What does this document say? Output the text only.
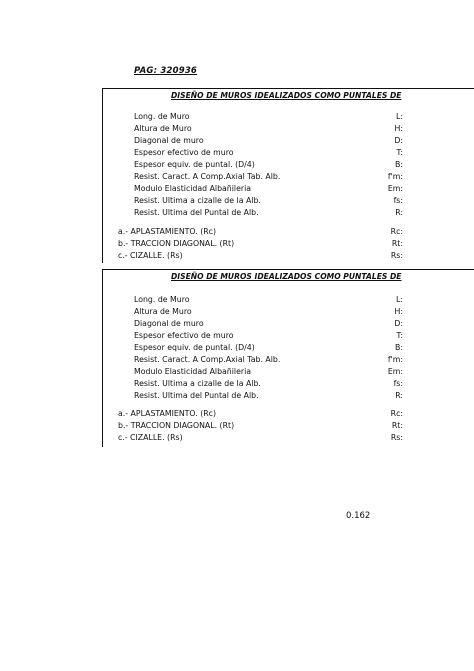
PAG: 320936
DISEÑO DE MUROS IDEALIZADOS COMO PUNTALES DE
Long. de Muro	L:
Altura de Muro	H:
Diagonal de muro	D:
Espesor efectivo de muro	T:
Espesor equiv. de puntal. (D/4)	B:
Resist. Caract. A Comp.Axial Tab. Alb.	f'm:
Modulo Elasticidad Albañileria	Em:
Resist. Ultima a cizalle de la Alb.	fs:
Resist. Ultima del Puntal de Alb.	R:
a.- APLASTAMIENTO. (Rc)	Rc:
b.- TRACCION DIAGONAL. (Rt)	Rt:
c.- CIZALLE. (Rs)	Rs:
DISEÑO DE MUROS IDEALIZADOS COMO PUNTALES DE
Long. de Muro	L:
Altura de Muro	H:
Diagonal de muro	D:
Espesor efectivo de muro	T:
Espesor equiv. de puntal. (D/4)	B:
Resist. Caract. A Comp.Axial Tab. Alb.	f'm:
Modulo Elasticidad Albañileria	Em:
Resist. Ultima a cizalle de la Alb.	fs:
Resist. Ultima del Puntal de Alb.	R:
a.- APLASTAMIENTO. (Rc)	Rc:
b.- TRACCION DIAGONAL. (Rt)	Rt:
c.- CIZALLE. (Rs)	Rs:
0.162
